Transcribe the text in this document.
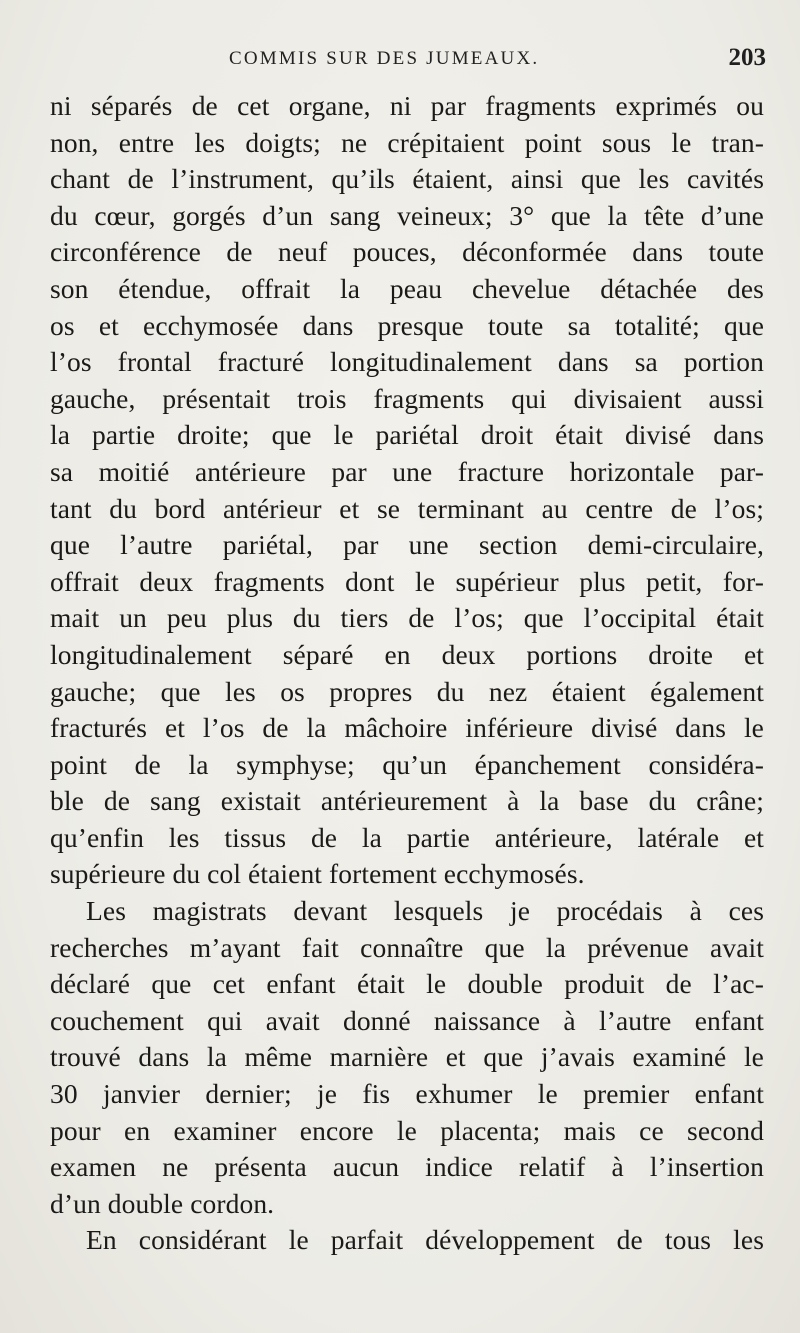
COMMIS SUR DES JUMEAUX.	203
ni séparés de cet organe, ni par fragments exprimés ou
non, entre les doigts; ne crépitaient point sous le tran-
chant de l’instrument, qu’ils étaient, ainsi que les cavités
du cœur, gorgés d’un sang veineux; 3° que la tête d’une
circonférence de neuf pouces, déconformée dans toute
son étendue, offrait la peau chevelue détachée des
os et ecchymosée dans presque toute sa totalité; que
l’os frontal fracturé longitudinalement dans sa portion
gauche, présentait trois fragments qui divisaient aussi
la partie droite; que le pariétal droit était divisé dans
sa moitié antérieure par une fracture horizontale par-
tant du bord antérieur et se terminant au centre de l’os;
que l’autre pariétal, par une section demi-circulaire,
offrait deux fragments dont le supérieur plus petit, for-
mait un peu plus du tiers de l’os; que l’occipital était
longitudinalement séparé en deux portions droite et
gauche; que les os propres du nez étaient également
fracturés et l’os de la mâchoire inférieure divisé dans le
point de la symphyse; qu’un épanchement considéra-
ble de sang existait antérieurement à la base du crâne;
qu’enfin les tissus de la partie antérieure, latérale et
supérieure du col étaient fortement ecchymosés.
Les magistrats devant lesquels je procédais à ces
recherches m’ayant fait connaître que la prévenue avait
déclaré que cet enfant était le double produit de l’ac-
couchement qui avait donné naissance à l’autre enfant
trouvé dans la même marnière et que j’avais examiné le
30 janvier dernier; je fis exhumer le premier enfant
pour en examiner encore le placenta; mais ce second
examen ne présenta aucun indice relatif à l’insertion
d’un double cordon.
En considérant le parfait développement de tous les
